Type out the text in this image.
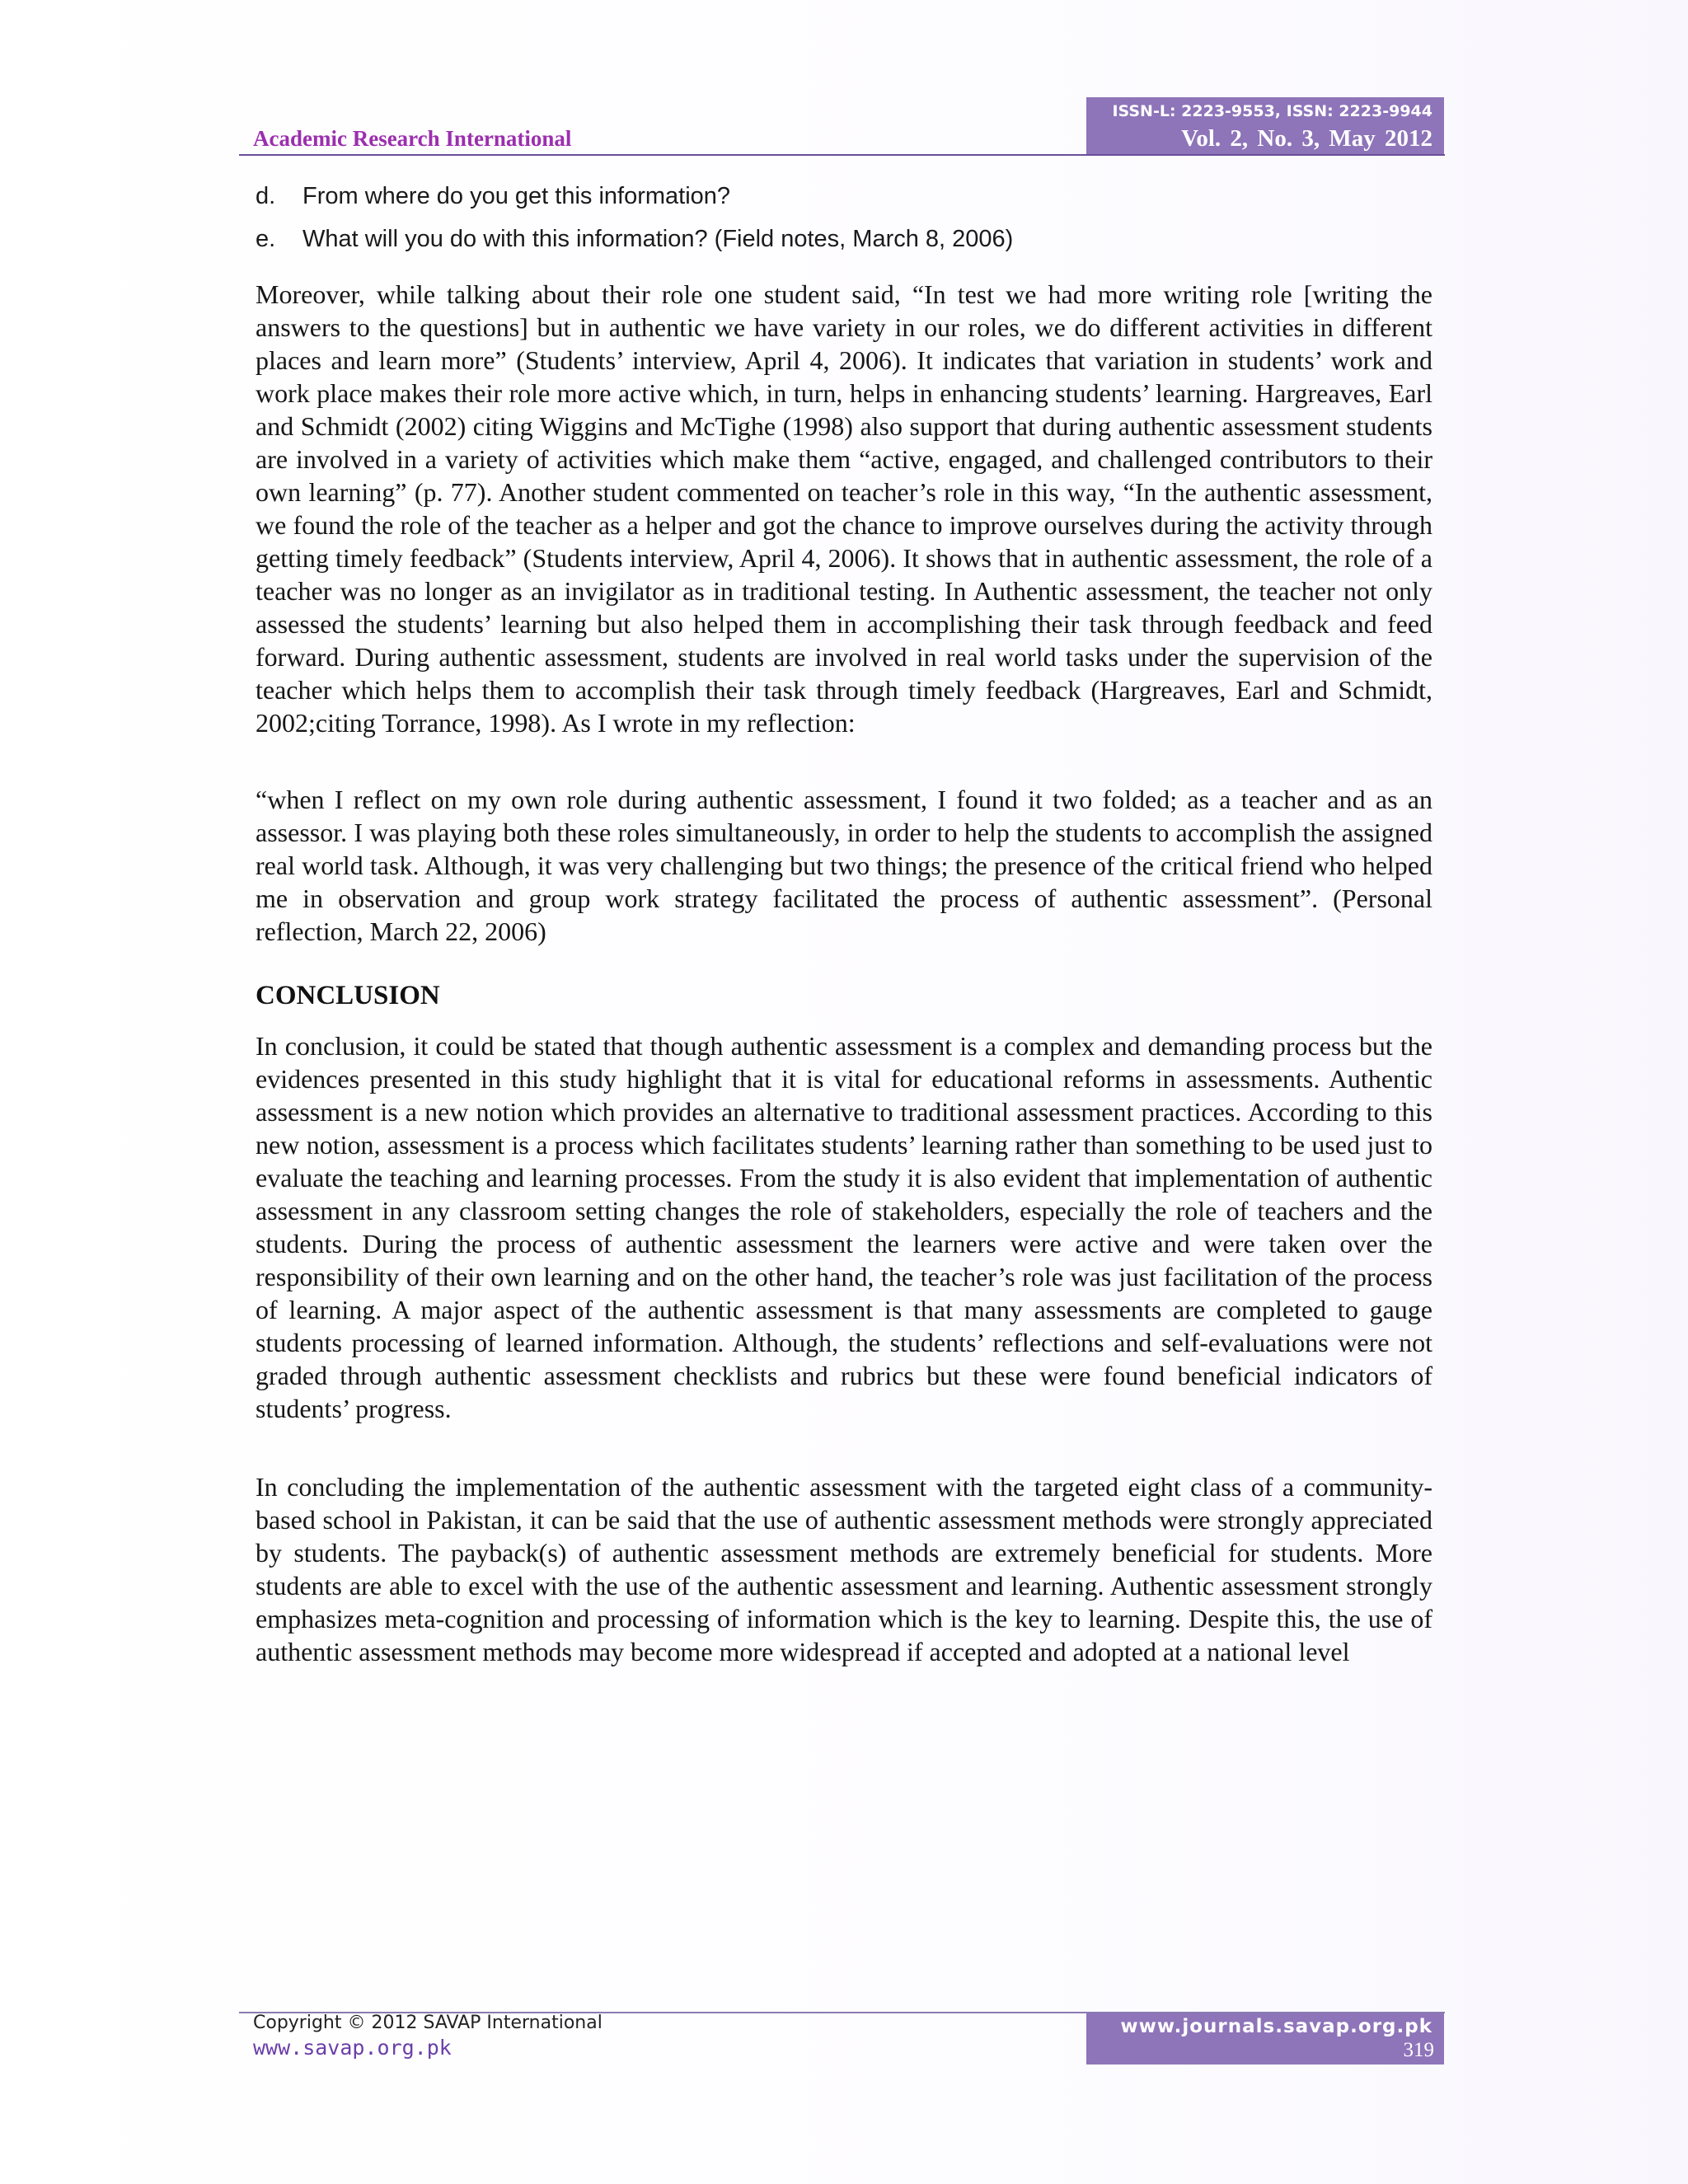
Academic Research International
ISSN-L: 2223-9553, ISSN: 2223-9944
Vol. 2, No. 3, May 2012
d. From where do you get this information?
e. What will you do with this information? (Field notes, March 8, 2006)

Moreover, while talking about their role one student said, “In test we had more writing role [writing the answers to the questions] but in authentic we have variety in our roles, we do different activities in different places and learn more” (Students’ interview, April 4, 2006). It indicates that variation in students’ work and work place makes their role more active which, in turn, helps in enhancing students’ learning. Hargreaves, Earl and Schmidt (2002) citing Wiggins and McTighe (1998) also support that during authentic assessment students are involved in a variety of activities which make them “active, engaged, and challenged contributors to their own learning” (p. 77). Another student commented on teacher’s role in this way, “In the authentic assessment, we found the role of the teacher as a helper and got the chance to improve ourselves during the activity through getting timely feedback” (Students interview, April 4, 2006). It shows that in authentic assessment, the role of a teacher was no longer as an invigilator as in traditional testing. In Authentic assessment, the teacher not only assessed the students’ learning but also helped them in accomplishing their task through feedback and feed forward. During authentic assessment, students are involved in real world tasks under the supervision of the teacher which helps them to accomplish their task through timely feedback (Hargreaves, Earl and Schmidt, 2002;citing Torrance, 1998). As I wrote in my reflection:

“when I reflect on my own role during authentic assessment, I found it two folded; as a teacher and as an assessor. I was playing both these roles simultaneously, in order to help the students to accomplish the assigned real world task. Although, it was very challenging but two things; the presence of the critical friend who helped me in observation and group work strategy facilitated the process of authentic assessment”. (Personal reflection, March 22, 2006)

CONCLUSION

In conclusion, it could be stated that though authentic assessment is a complex and demanding process but the evidences presented in this study highlight that it is vital for educational reforms in assessments. Authentic assessment is a new notion which provides an alternative to traditional assessment practices. According to this new notion, assessment is a process which facilitates students’ learning rather than something to be used just to evaluate the teaching and learning processes. From the study it is also evident that implementation of authentic assessment in any classroom setting changes the role of stakeholders, especially the role of teachers and the students. During the process of authentic assessment the learners were active and were taken over the responsibility of their own learning and on the other hand, the teacher’s role was just facilitation of the process of learning. A major aspect of the authentic assessment is that many assessments are completed to gauge students processing of learned information. Although, the students’ reflections and self-evaluations were not graded through authentic assessment checklists and rubrics but these were found beneficial indicators of students’ progress.

In concluding the implementation of the authentic assessment with the targeted eight class of a community-based school in Pakistan, it can be said that the use of authentic assessment methods were strongly appreciated by students. The payback(s) of authentic assessment methods are extremely beneficial for students. More students are able to excel with the use of the authentic assessment and learning. Authentic assessment strongly emphasizes meta-cognition and processing of information which is the key to learning. Despite this, the use of authentic assessment methods may become more widespread if accepted and adopted at a national level

Copyright © 2012 SAVAP International
www.savap.org.pk
www.journals.savap.org.pk
319
